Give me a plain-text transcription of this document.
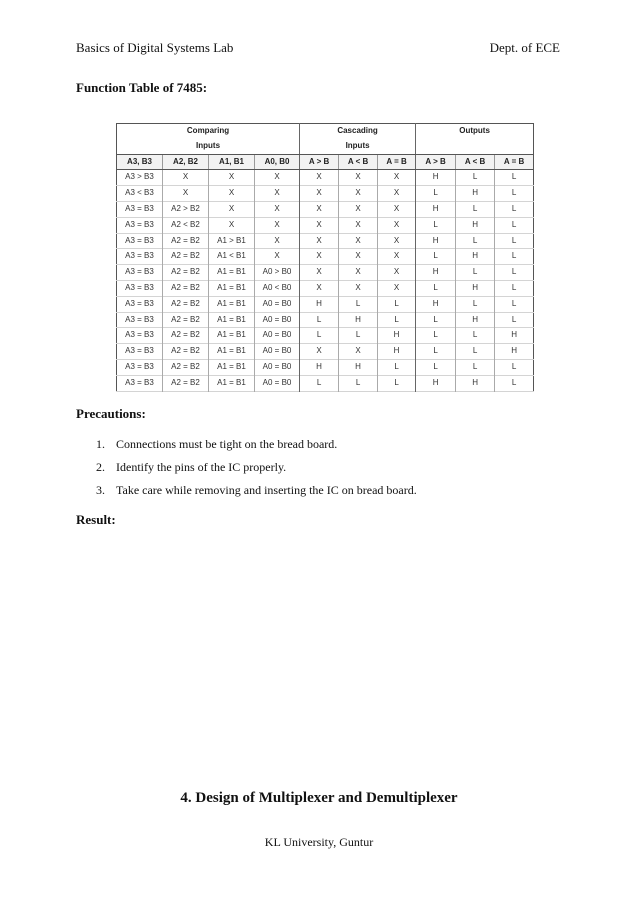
Basics of Digital Systems Lab	Dept. of ECE
Function Table of 7485:
Comparing				Cascading			Outputs		
Inputs				Inputs					
A3, B3	A2, B2	A1, B1	A0, B0	A > B	A < B	A = B	A > B	A < B	A = B
A3 > B3	X	X	X	X	X	X	H	L	L
A3 < B3	X	X	X	X	X	X	L	H	L
A3 = B3	A2 > B2	X	X	X	X	X	H	L	L
A3 = B3	A2 < B2	X	X	X	X	X	L	H	L
A3 = B3	A2 = B2	A1 > B1	X	X	X	X	H	L	L
A3 = B3	A2 = B2	A1 < B1	X	X	X	X	L	H	L
A3 = B3	A2 = B2	A1 = B1	A0 > B0	X	X	X	H	L	L
A3 = B3	A2 = B2	A1 = B1	A0 < B0	X	X	X	L	H	L
A3 = B3	A2 = B2	A1 = B1	A0 = B0	H	L	L	H	L	L
A3 = B3	A2 = B2	A1 = B1	A0 = B0	L	H	L	L	H	L
A3 = B3	A2 = B2	A1 = B1	A0 = B0	L	L	H	L	L	H
A3 = B3	A2 = B2	A1 = B1	A0 = B0	X	X	H	L	L	H
A3 = B3	A2 = B2	A1 = B1	A0 = B0	H	H	L	L	L	L
A3 = B3	A2 = B2	A1 = B1	A0 = B0	L	L	L	H	H	L
Precautions:
1. Connections must be tight on the bread board.
2. Identify the pins of the IC properly.
3. Take care while removing and inserting the IC on bread board.
Result:
4. Design of Multiplexer and Demultiplexer
KL University, Guntur
